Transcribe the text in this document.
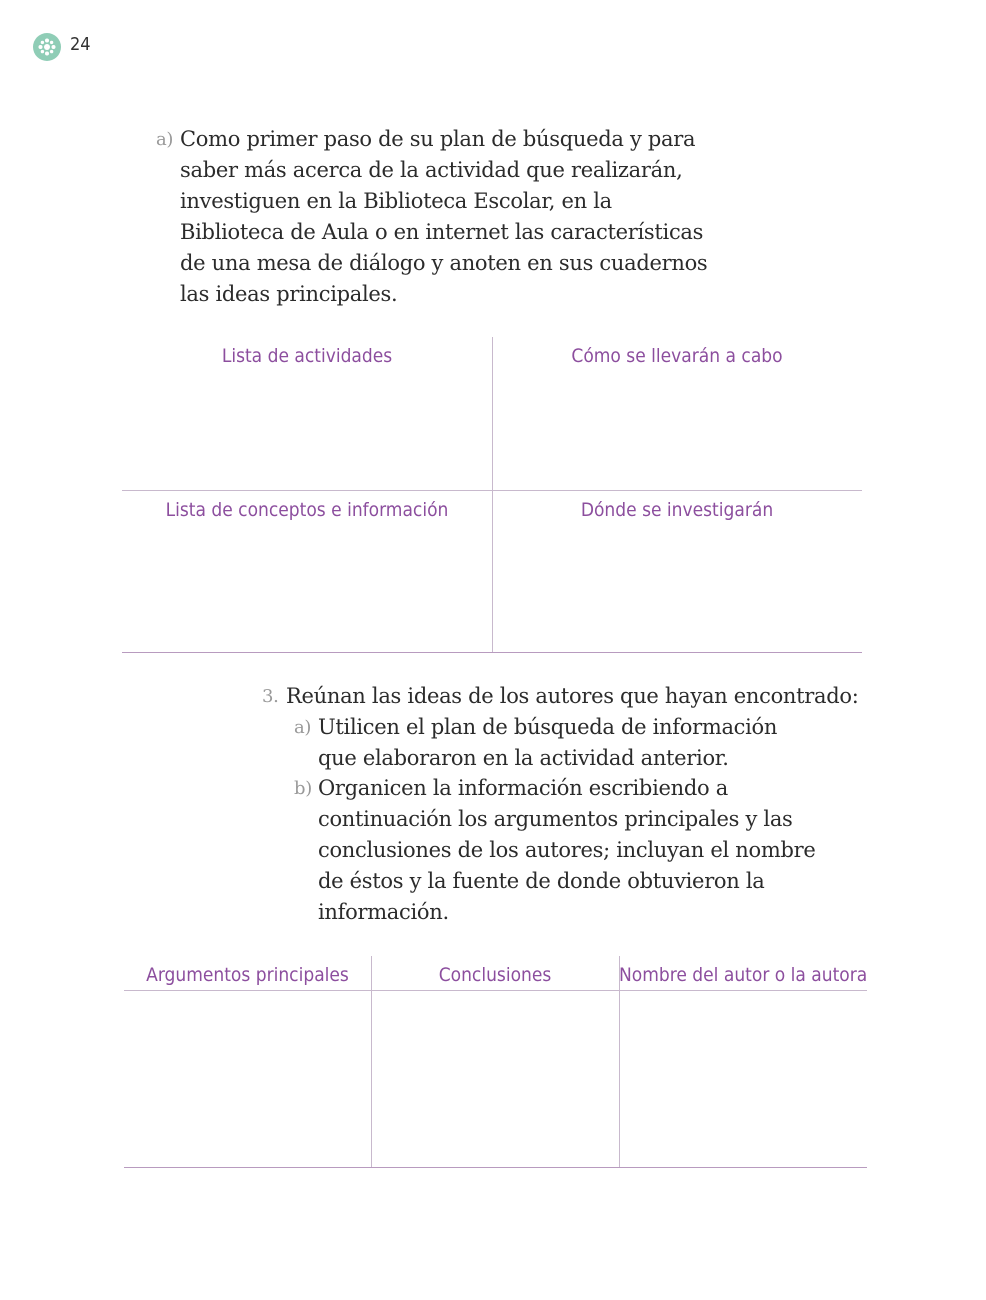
24
a) Como primer paso de su plan de búsqueda y para
saber más acerca de la actividad que realizarán,
investiguen en la Biblioteca Escolar, en la
Biblioteca de Aula o en internet las características
de una mesa de diálogo y anoten en sus cuadernos
las ideas principales.
Lista de actividades	Cómo se llevarán a cabo
Lista de conceptos e información	Dónde se investigarán
3. Reúnan las ideas de los autores que hayan encontrado:
a) Utilicen el plan de búsqueda de información
que elaboraron en la actividad anterior.
b) Organicen la información escribiendo a
continuación los argumentos principales y las
conclusiones de los autores; incluyan el nombre
de éstos y la fuente de donde obtuvieron la
información.
Argumentos principales	Conclusiones	Nombre del autor o la autora
